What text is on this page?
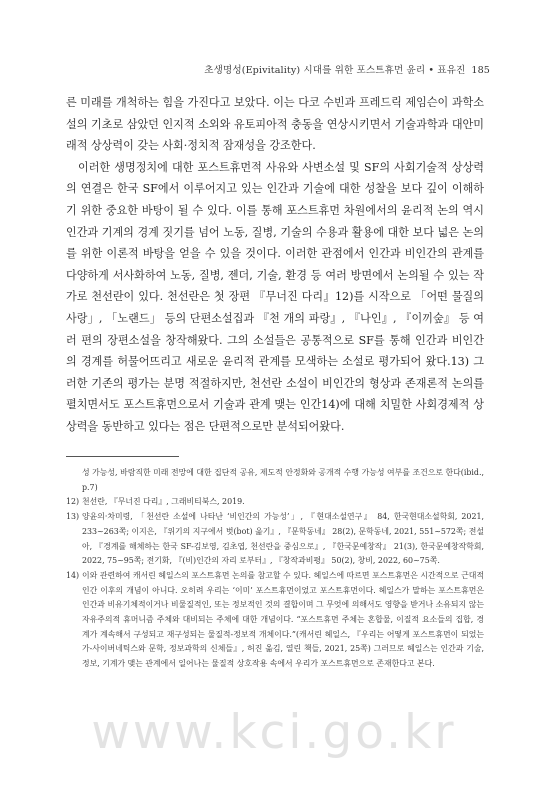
초생명성(Epivitality) 시대를 위한 포스트휴먼 윤리 • 표유진 185

른 미래를 개척하는 힘을 가진다고 보았다. 이는 다코 수빈과 프레드릭 제임슨이 과학소설의 기초로 삼았던 인지적 소외와 유토피아적 충동을 연상시키면서 기술과학과 대안미래적 상상력이 갖는 사회·정치적 잠재성을 강조한다.

이러한 생명정치에 대한 포스트휴먼적 사유와 사변소설 및 SF의 사회기술적 상상력의 연결은 한국 SF에서 이루어지고 있는 인간과 기술에 대한 성찰을 보다 깊이 이해하기 위한 중요한 바탕이 될 수 있다. 이를 통해 포스트휴먼 차원에서의 윤리적 논의 역시 인간과 기계의 경계 짓기를 넘어 노동, 질병, 기술의 수용과 활용에 대한 보다 넓은 논의를 위한 이론적 바탕을 얻을 수 있을 것이다. 이러한 관점에서 인간과 비인간의 관계를 다양하게 서사화하여 노동, 질병, 젠더, 기술, 환경 등 여러 방면에서 논의될 수 있는 작가로 천선란이 있다. 천선란은 첫 장편 『무너진 다리』12)를 시작으로 「어떤 물질의 사랑」, 「노랜드」 등의 단편소설집과 『천 개의 파랑』, 『나인』, 『이끼숲』 등 여러 편의 장편소설을 창작해왔다. 그의 소설들은 공통적으로 SF를 통해 인간과 비인간의 경계를 허물어뜨리고 새로운 윤리적 관계를 모색하는 소설로 평가되어 왔다.13) 그러한 기존의 평가는 분명 적절하지만, 천선란 소설이 비인간의 형상과 존재론적 논의를 펼치면서도 포스트휴먼으로서 기술과 관계 맺는 인간14)에 대해 치밀한 사회경제적 상상력을 동반하고 있다는 점은 단편적으로만 분석되어왔다.

성 가능성, 바람직한 미래 전망에 대한 집단적 공유, 제도적 안정화와 공개적 수행 가능성 여부를 조건으로 한다(ibid., p.7)
12) 천선란, 『무너진 다리』, 그래비티북스, 2019.
13) 양윤의·차미령, 「천선란 소설에 나타난 ‘비인간의 가능성’」, 『현대소설연구』 84, 한국현대소설학회, 2021, 233~263쪽; 이지은, 『위기의 지구에서 벗(bot) 읊기』, 『문학동네』 28(2), 문학동네, 2021, 551~572쪽; 전설아, 『경계를 해체하는 한국 SF-김보영, 김초엽, 천선란을 중심으로』, 『한국문예창작』 21(3), 한국문예창작학회, 2022, 75~95쪽; 전기화, 『(비)인간의 자리 로부터』, 『창작과비평』 50(2), 창비, 2022, 60~75쪽.
14) 이와 관련하여 캐서린 헤일스의 포스트휴먼 논의를 참고할 수 있다. 헤일스에 따르면 포스트휴먼은 시간적으로 근대적 인간 이후의 개념이 아니다. 오히려 우리는 ‘이미’ 포스트휴먼이었고 포스트휴먼이다. 헤일스가 말하는 포스트휴먼은 인간과 비유기체적이거나 비물질적인, 또는 정보적인 것의 결합이며 그 무엇에 의해서도 영향을 받거나 소유되지 않는 자유주의적 휴머니즘 주체와 대비되는 주체에 대한 개념이다. “포스트휴먼 주체는 혼합물, 이질적 요소들의 집합, 경계가 계속해서 구성되고 재구성되는 물질적-정보적 개체이다.”(캐서린 헤일스, 『우리는 어떻게 포스트휴먼이 되었는가-사이버네틱스와 문학, 정보과학의 신체들』, 허진 옮김, 열린 책들, 2021, 25쪽) 그러므로 헤일스는 인간과 기술, 정보, 기계가 맺는 관계에서 일어나는 물질적 상호작용 속에서 우리가 포스트휴먼으로 존재한다고 본다.
www.kci.go.kr
